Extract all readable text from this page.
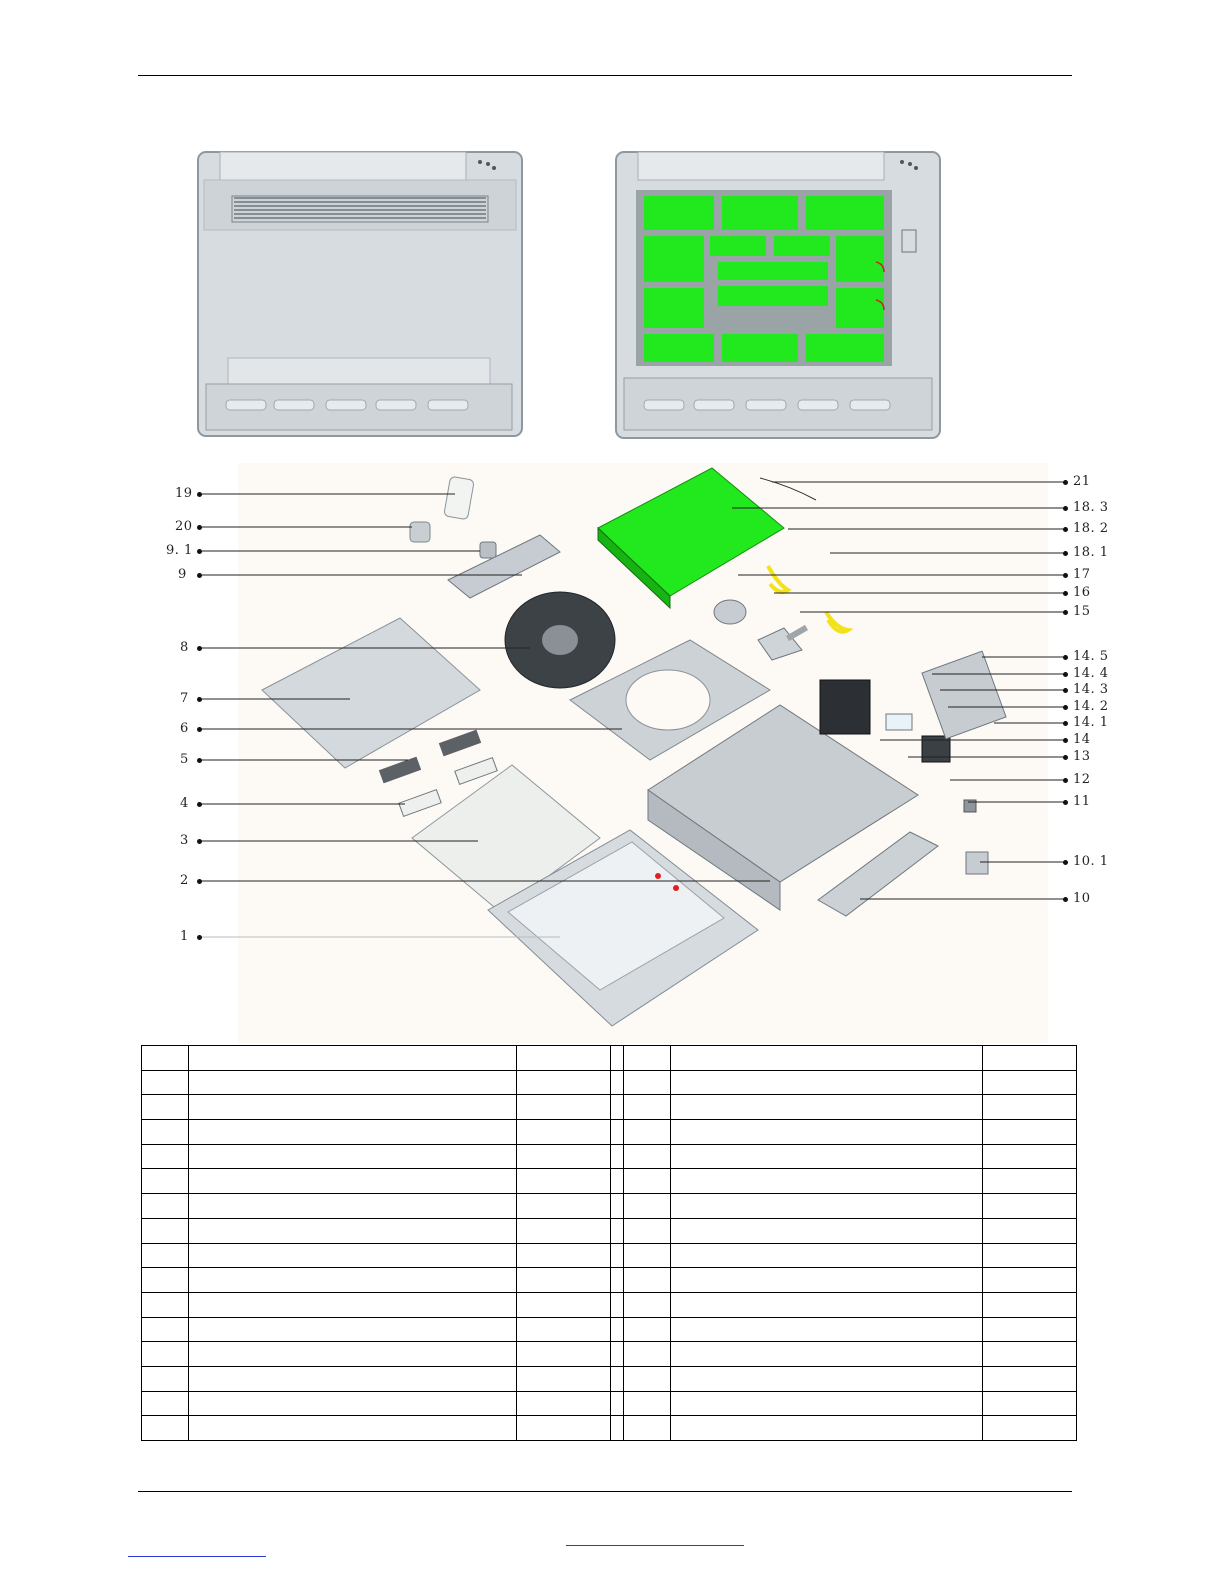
19
20
9. 1
9
8
7
6
5
4
3
2
1
21
18. 3
18. 2
18. 1
17
16
15
14. 5
14. 4
14. 3
14. 2
14. 1
14
13
12
11
10. 1
10
